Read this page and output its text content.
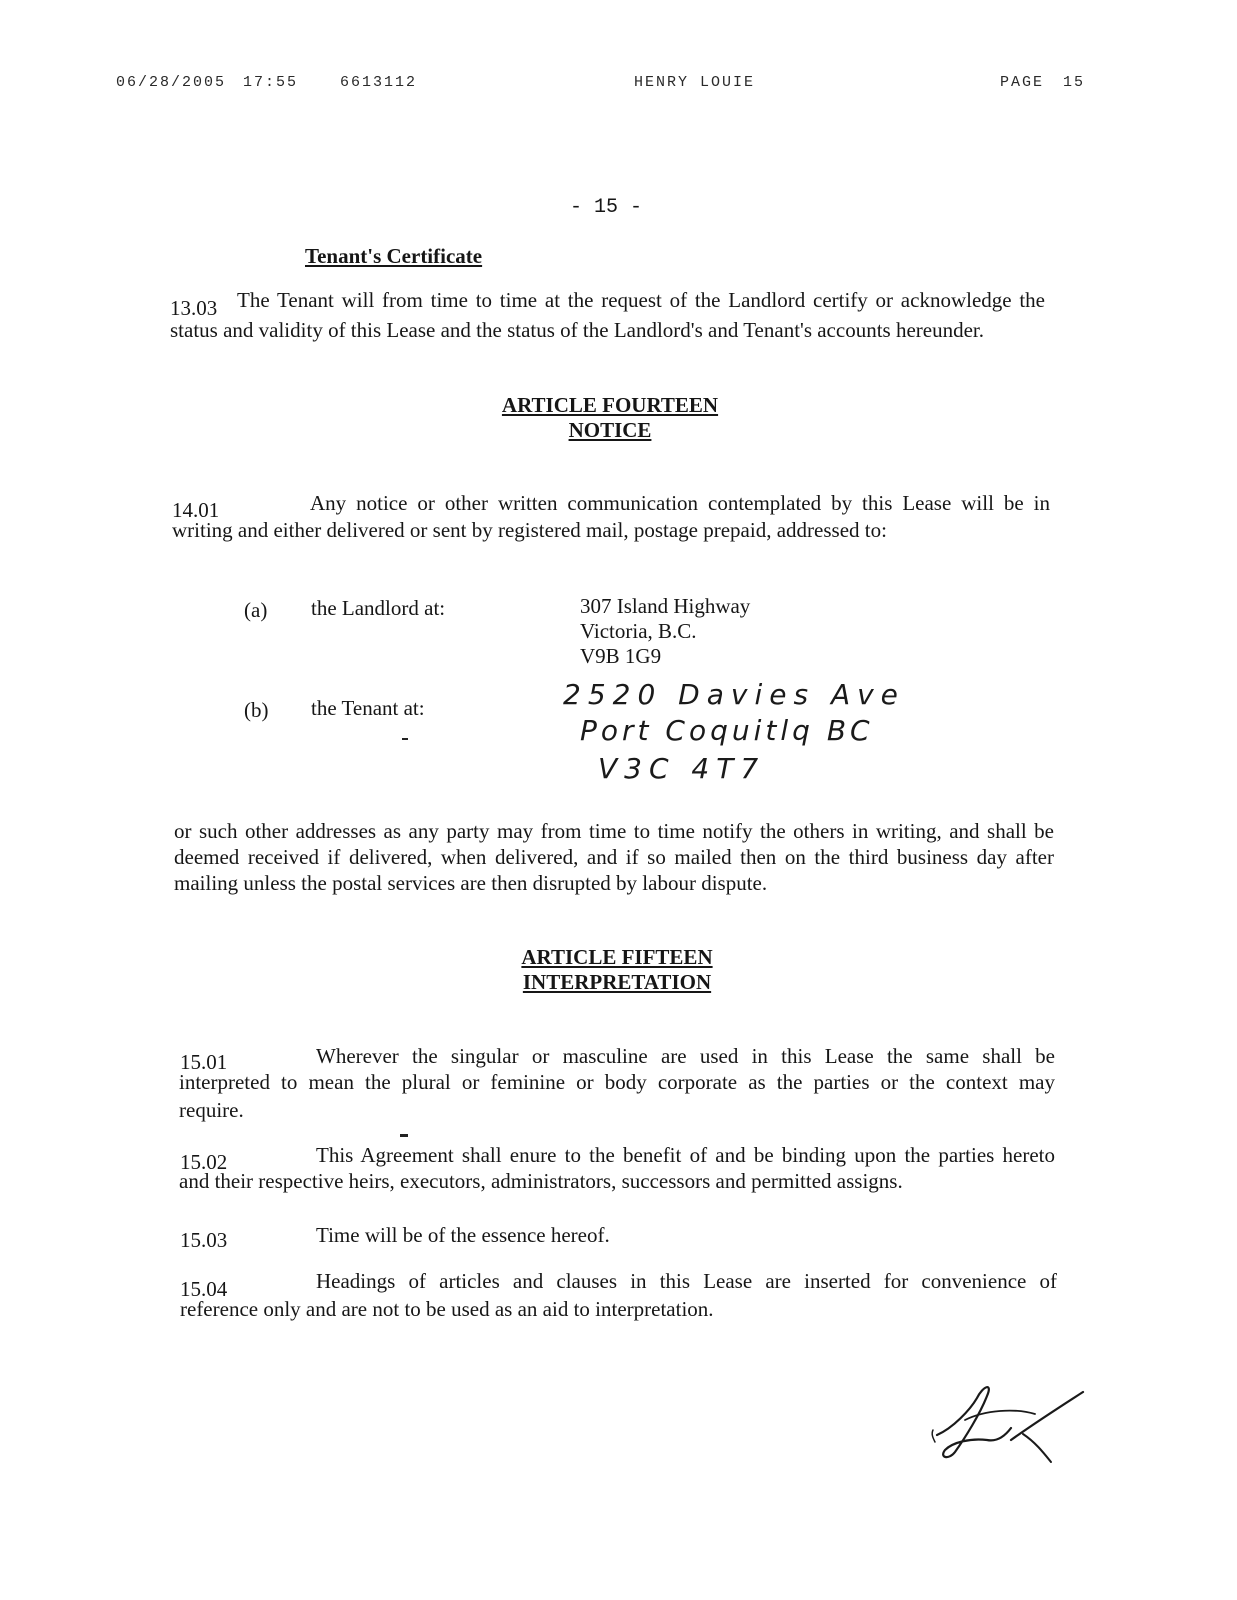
06/28/2005 17:55	6613112	HENRY LOUIE	PAGE 15
- 15 -
Tenant's Certificate
13.03 The Tenant will from time to time at the request of the Landlord certify or acknowledge the
status and validity of this Lease and the status of the Landlord's and Tenant's accounts hereunder.
ARTICLE FOURTEEN
NOTICE
14.01	Any notice or other written communication contemplated by this Lease will be in
writing and either delivered or sent by registered mail, postage prepaid, addressed to:
(a) the Landlord at:	307 Island Highway
Victoria, B.C.
V9B 1G9
(b) the Tenant at:	2520 Davies Ave
Port Coquitlq BC
V3C 4T7
or such other addresses as any party may from time to time notify the others in writing, and shall be
deemed received if delivered, when delivered, and if so mailed then on the third business day after
mailing unless the postal services are then disrupted by labour dispute.
ARTICLE FIFTEEN
INTERPRETATION
15.01	Wherever the singular or masculine are used in this Lease the same shall be
interpreted to mean the plural or feminine or body corporate as the parties or the context may
require.
15.02	This Agreement shall enure to the benefit of and be binding upon the parties hereto
and their respective heirs, executors, administrators, successors and permitted assigns.
15.03	Time will be of the essence hereof.
15.04	Headings of articles and clauses in this Lease are inserted for convenience of
reference only and are not to be used as an aid to interpretation.
